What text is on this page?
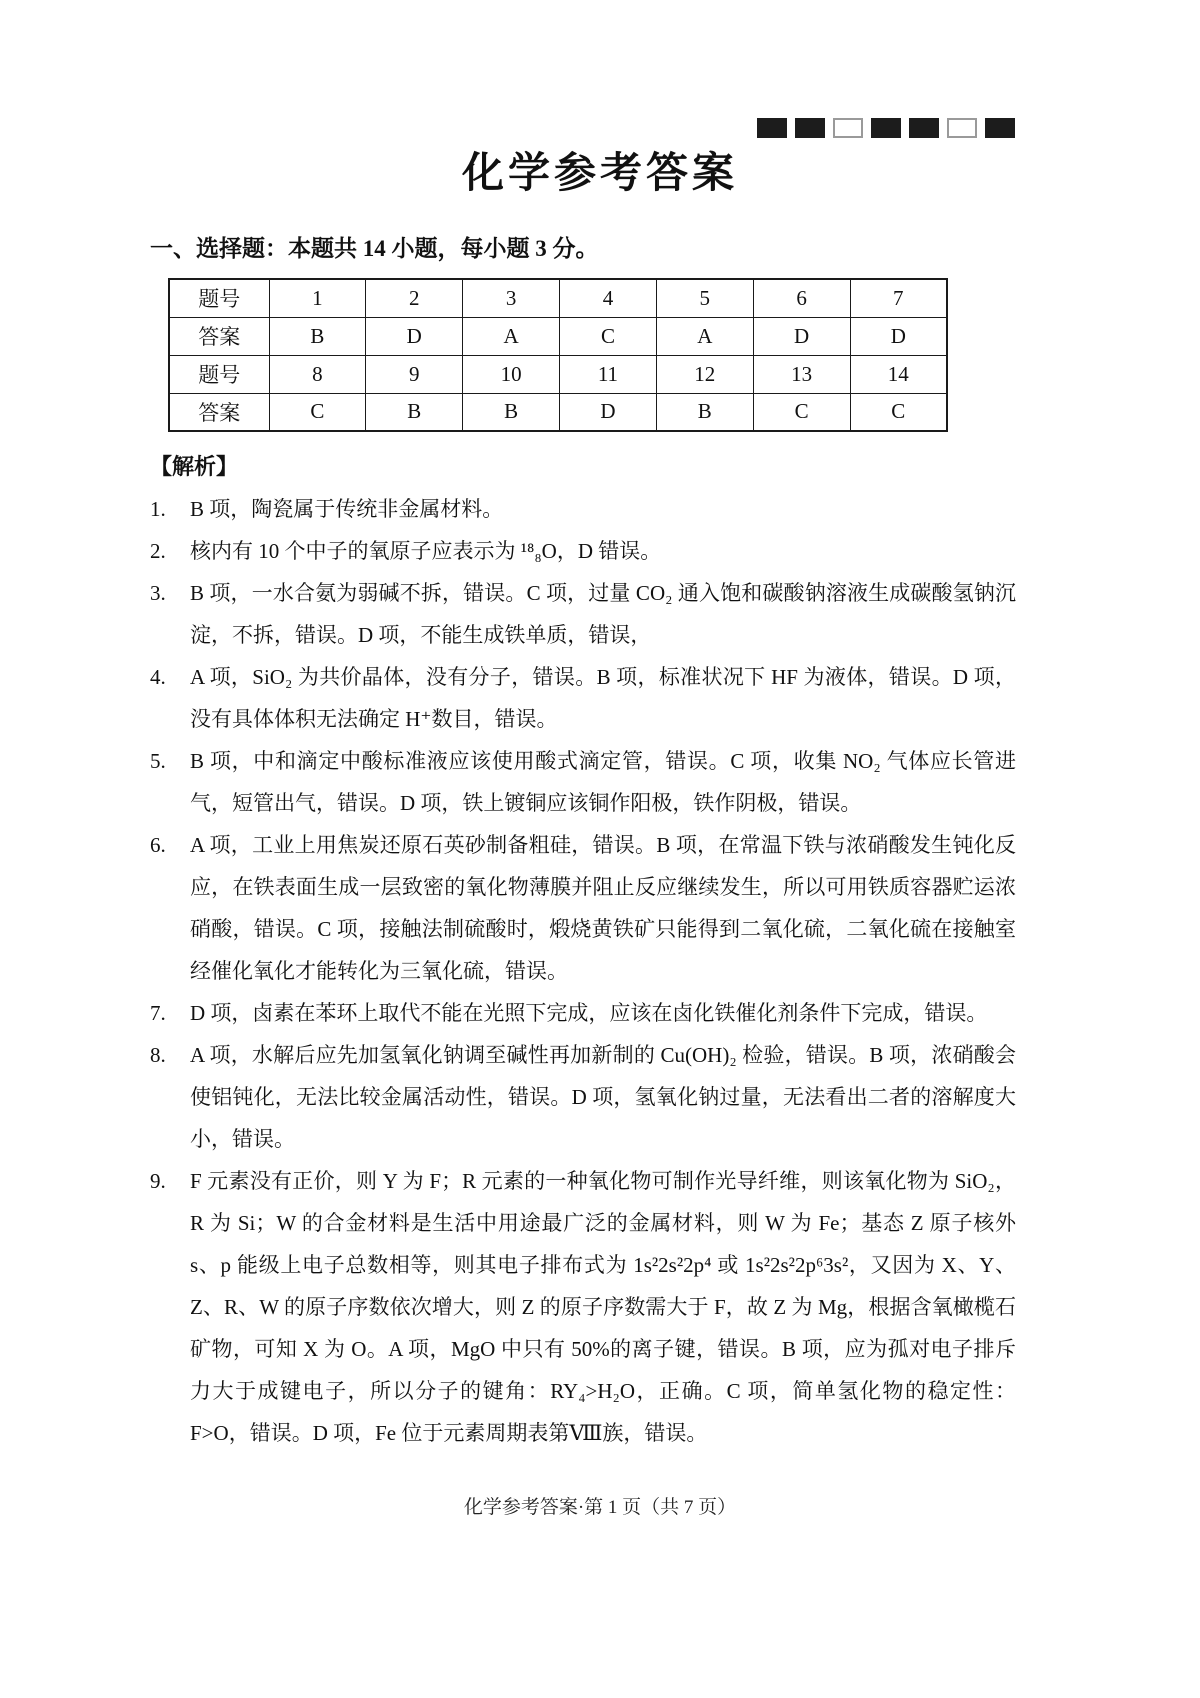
化学参考答案
一、选择题：本题共 14 小题，每小题 3 分。
题号	1	2	3	4	5	6	7
答案	B	D	A	C	A	D	D
题号	8	9	10	11	12	13	14
答案	C	B	B	D	B	C	C
【解析】
1.	B 项，陶瓷属于传统非金属材料。
2.	核内有 10 个中子的氧原子应表示为 ¹⁸₈O，D 错误。
3.	B 项，一水合氨为弱碱不拆，错误。C 项，过量 CO₂ 通入饱和碳酸钠溶液生成碳酸氢钠沉淀，不拆，错误。D 项，不能生成铁单质，错误，
4.	A 项，SiO₂ 为共价晶体，没有分子，错误。B 项，标准状况下 HF 为液体，错误。D 项，没有具体体积无法确定 H⁺数目，错误。
5.	B 项，中和滴定中酸标准液应该使用酸式滴定管，错误。C 项，收集 NO₂ 气体应长管进气，短管出气，错误。D 项，铁上镀铜应该铜作阳极，铁作阴极，错误。
6.	A 项，工业上用焦炭还原石英砂制备粗硅，错误。B 项，在常温下铁与浓硝酸发生钝化反应，在铁表面生成一层致密的氧化物薄膜并阻止反应继续发生，所以可用铁质容器贮运浓硝酸，错误。C 项，接触法制硫酸时，煅烧黄铁矿只能得到二氧化硫，二氧化硫在接触室经催化氧化才能转化为三氧化硫，错误。
7.	D 项，卤素在苯环上取代不能在光照下完成，应该在卤化铁催化剂条件下完成，错误。
8.	A 项，水解后应先加氢氧化钠调至碱性再加新制的 Cu(OH)₂ 检验，错误。B 项，浓硝酸会使铝钝化，无法比较金属活动性，错误。D 项，氢氧化钠过量，无法看出二者的溶解度大小，错误。
9.	F 元素没有正价，则 Y 为 F；R 元素的一种氧化物可制作光导纤维，则该氧化物为 SiO₂，R 为 Si；W 的合金材料是生活中用途最广泛的金属材料，则 W 为 Fe；基态 Z 原子核外 s、p 能级上电子总数相等，则其电子排布式为 1s²2s²2p⁴ 或 1s²2s²2p⁶3s²，又因为 X、Y、Z、R、W 的原子序数依次增大，则 Z 的原子序数需大于 F，故 Z 为 Mg，根据含氧橄榄石矿物，可知 X 为 O。A 项，MgO 中只有 50%的离子键，错误。B 项，应为孤对电子排斥力大于成键电子，所以分子的键角：RY₄>H₂O，正确。C 项，简单氢化物的稳定性：F>O，错误。D 项，Fe 位于元素周期表第Ⅷ族，错误。
化学参考答案·第 1 页（共 7 页）
